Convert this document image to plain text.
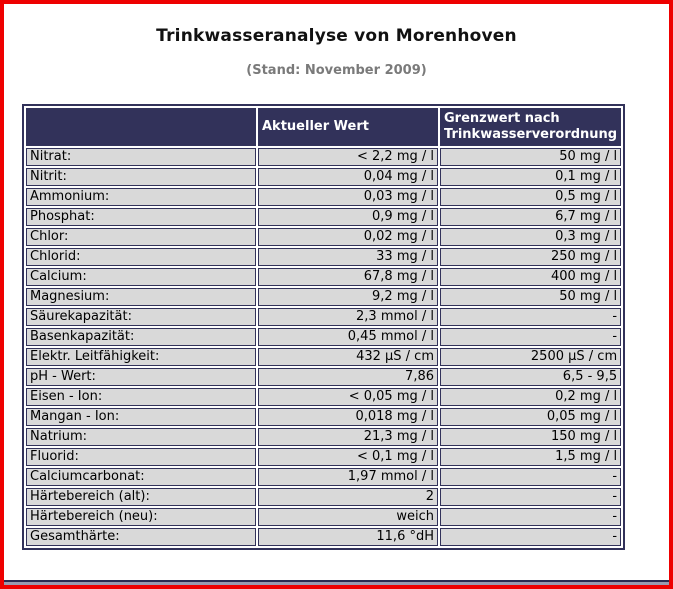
Trinkwasseranalyse von Morenhoven
(Stand: November 2009)
	Aktueller Wert	Grenzwert nach Trinkwasserverordnung
Nitrat:	< 2,2 mg / l	50 mg / l
Nitrit:	0,04 mg / l	0,1 mg / l
Ammonium:	0,03 mg / l	0,5 mg / l
Phosphat:	0,9 mg / l	6,7 mg / l
Chlor:	0,02 mg / l	0,3 mg / l
Chlorid:	33 mg / l	250 mg / l
Calcium:	67,8 mg / l	400 mg / l
Magnesium:	9,2 mg / l	50 mg / l
Säurekapazität:	2,3 mmol / l	-
Basenkapazität:	0,45 mmol / l	-
Elektr. Leitfähigkeit:	432 µS / cm	2500 µS / cm
pH - Wert:	7,86	6,5 - 9,5
Eisen - Ion:	< 0,05 mg / l	0,2 mg / l
Mangan - Ion:	0,018 mg / l	0,05 mg / l
Natrium:	21,3 mg / l	150 mg / l
Fluorid:	< 0,1 mg / l	1,5 mg / l
Calciumcarbonat:	1,97 mmol / l	-
Härtebereich (alt):	2	-
Härtebereich (neu):	weich	-
Gesamthärte:	11,6 °dH	-
